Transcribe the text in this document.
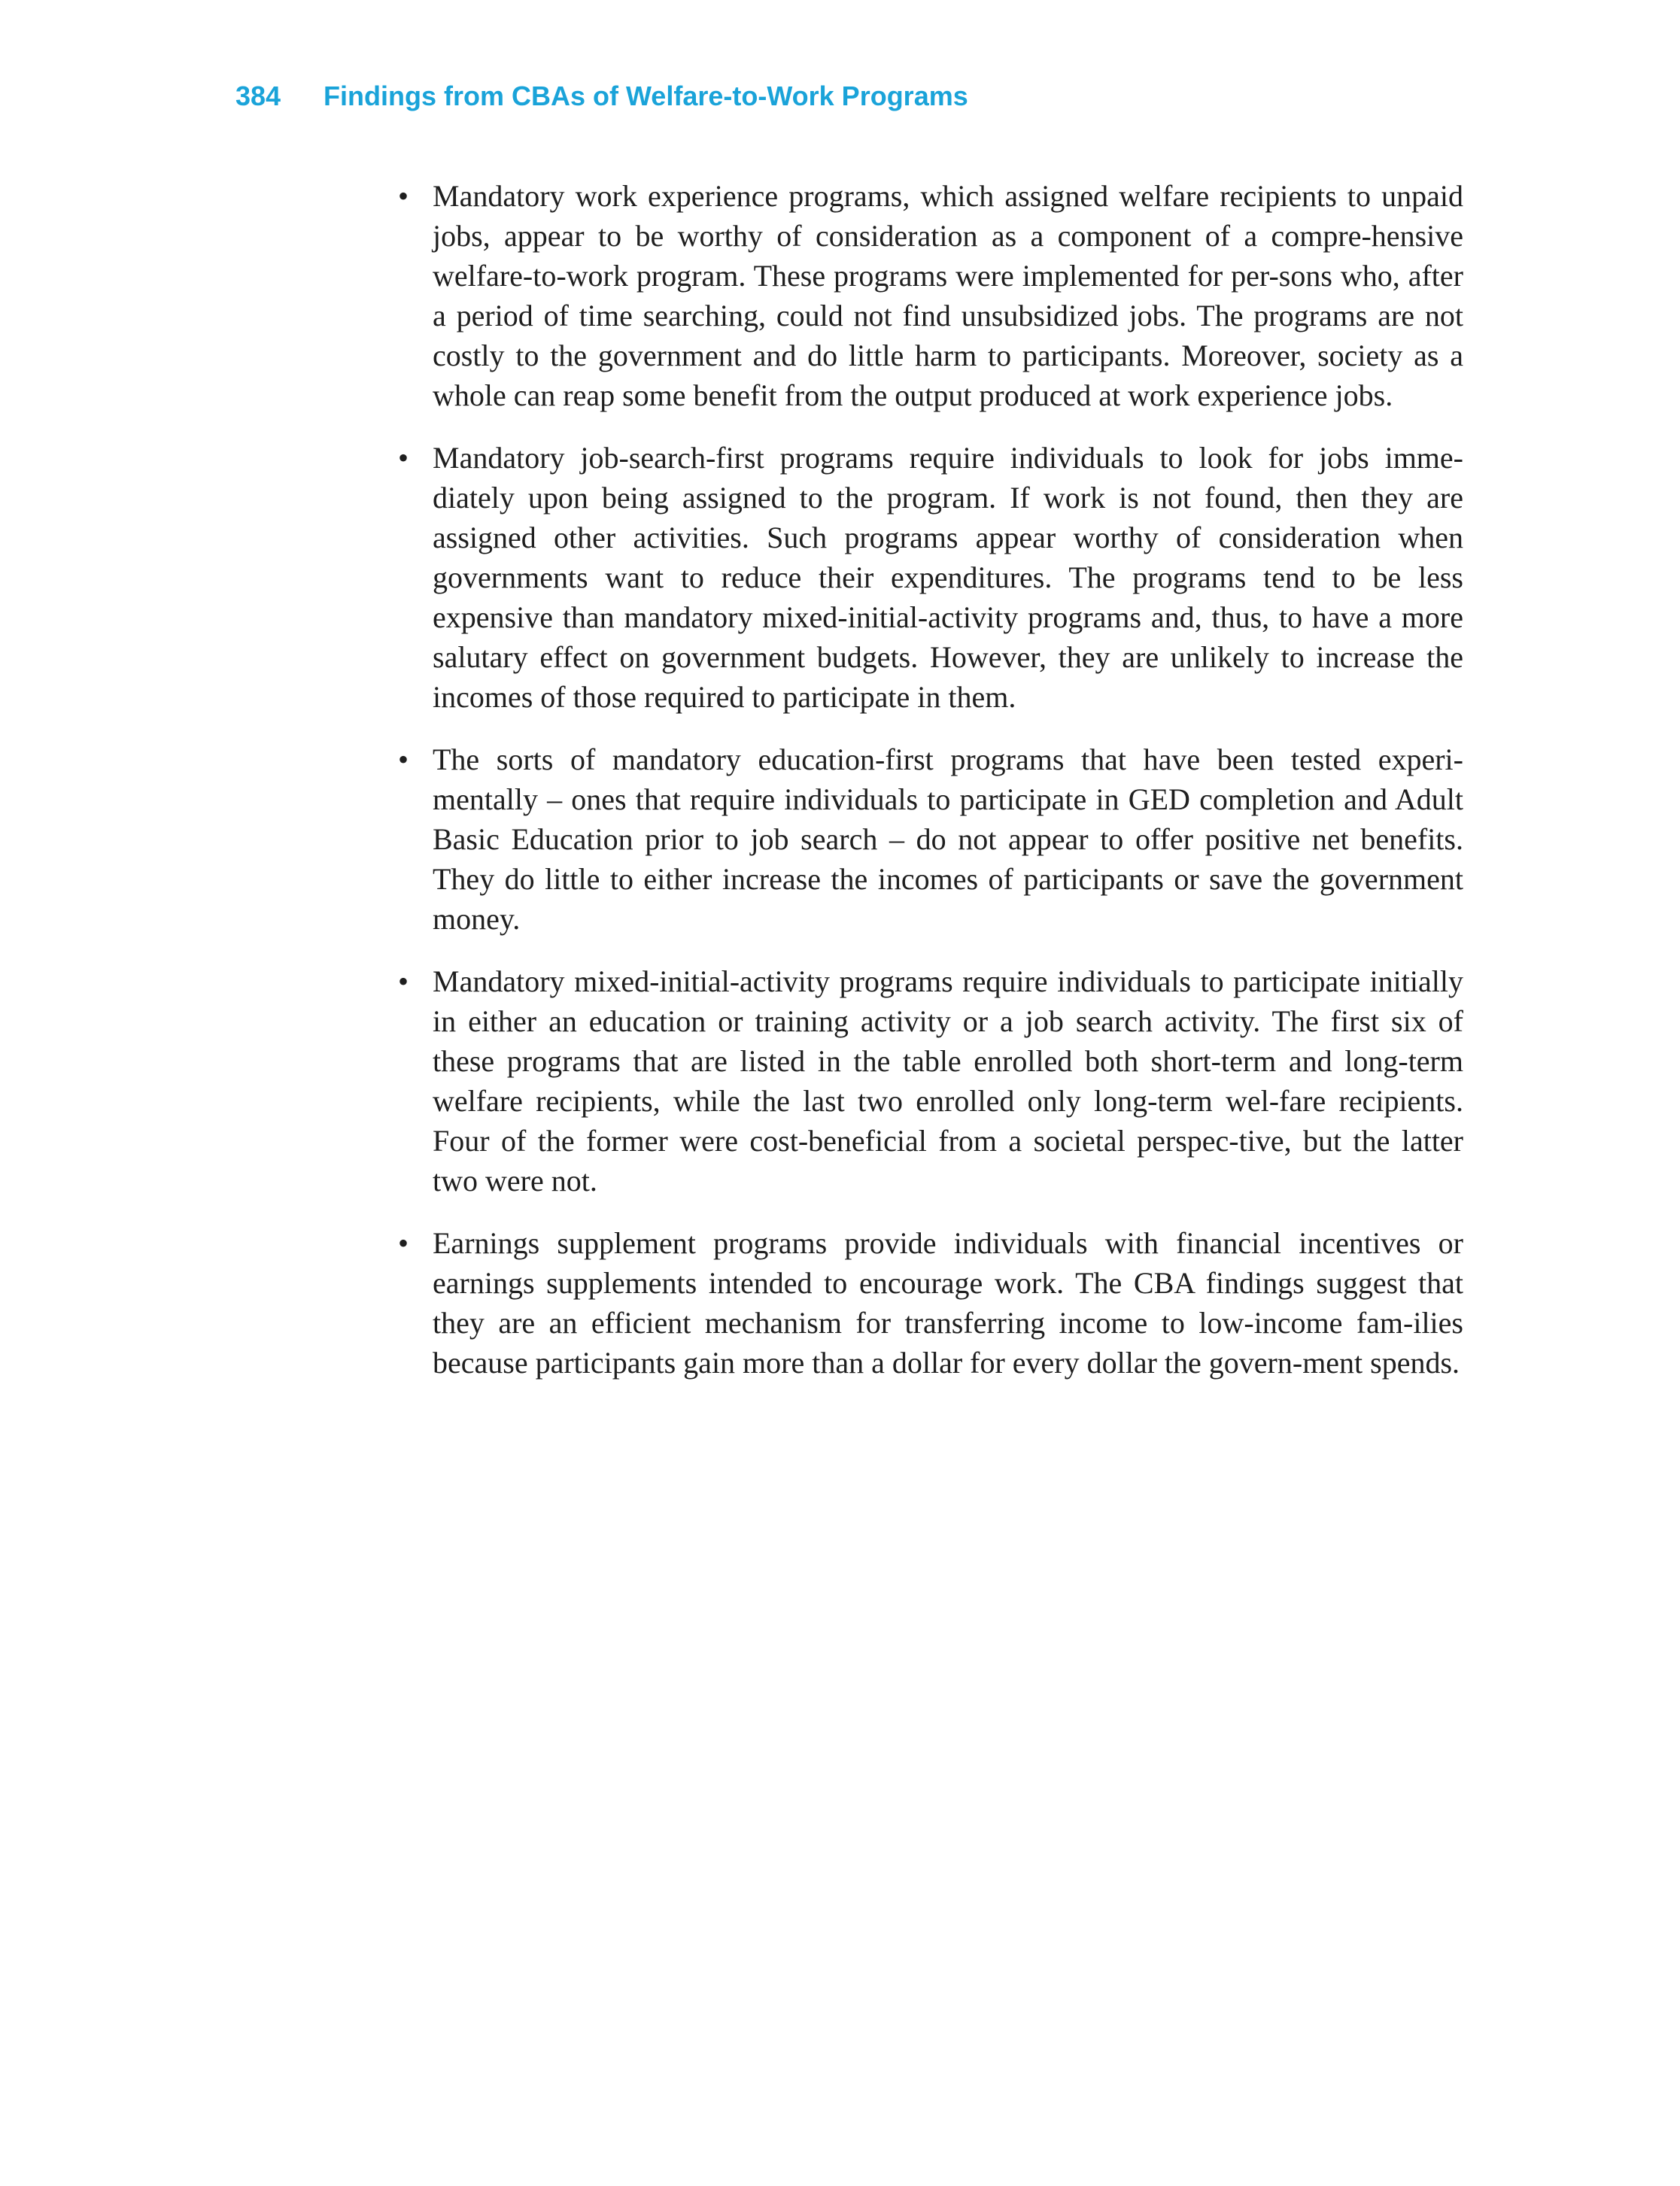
384 Findings from CBAs of Welfare-to-Work Programs
• Mandatory work experience programs, which assigned welfare recipients to unpaid jobs, appear to be worthy of consideration as a component of a compre-hensive welfare-to-work program. These programs were implemented for per-sons who, after a period of time searching, could not find unsubsidized jobs. The programs are not costly to the government and do little harm to participants. Moreover, society as a whole can reap some benefit from the output produced at work experience jobs.
• Mandatory job-search-first programs require individuals to look for jobs imme-diately upon being assigned to the program. If work is not found, then they are assigned other activities. Such programs appear worthy of consideration when governments want to reduce their expenditures. The programs tend to be less expensive than mandatory mixed-initial-activity programs and, thus, to have a more salutary effect on government budgets. However, they are unlikely to increase the incomes of those required to participate in them.
• The sorts of mandatory education-first programs that have been tested experi-mentally – ones that require individuals to participate in GED completion and Adult Basic Education prior to job search – do not appear to offer positive net benefits. They do little to either increase the incomes of participants or save the government money.
• Mandatory mixed-initial-activity programs require individuals to participate initially in either an education or training activity or a job search activity. The first six of these programs that are listed in the table enrolled both short-term and long-term welfare recipients, while the last two enrolled only long-term wel-fare recipients. Four of the former were cost-beneficial from a societal perspec-tive, but the latter two were not.
• Earnings supplement programs provide individuals with financial incentives or earnings supplements intended to encourage work. The CBA findings suggest that they are an efficient mechanism for transferring income to low-income fam-ilies because participants gain more than a dollar for every dollar the govern-ment spends.
